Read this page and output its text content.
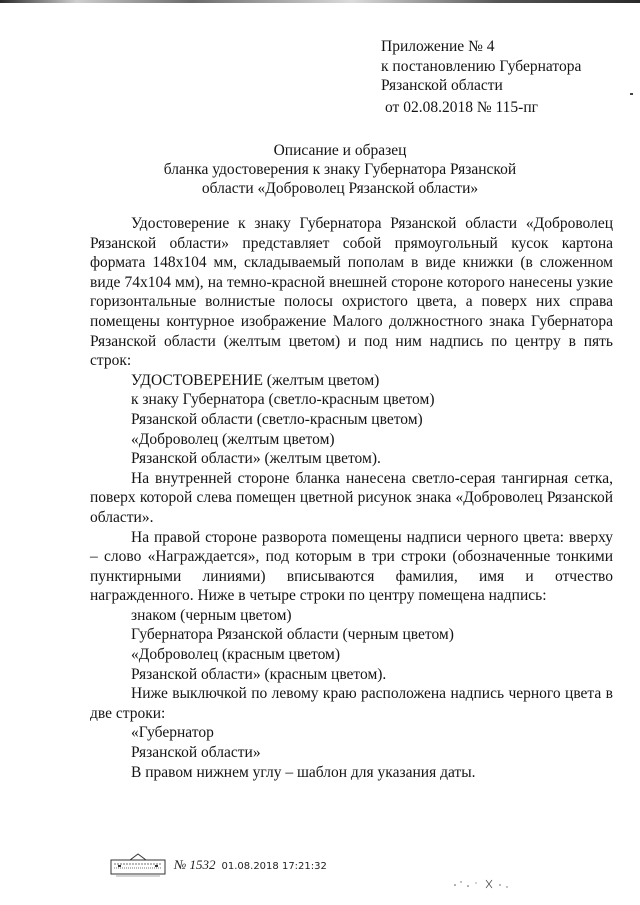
Приложение № 4
к постановлению Губернатора
Рязанской области
от 02.08.2018 № 115-пг
Описание и образец
бланка удостоверения к знаку Губернатора Рязанской
области «Доброволец Рязанской области»

Удостоверение к знаку Губернатора Рязанской области «Доброволец Рязанской области» представляет собой прямоугольный кусок картона формата 148х104 мм, складываемый пополам в виде книжки (в сложенном виде 74х104 мм), на темно-красной внешней стороне которого нанесены узкие горизонтальные волнистые полосы охристого цвета, а поверх них справа помещены контурное изображение Малого должностного знака Губернатора Рязанской области (желтым цветом) и под ним надпись по центру в пять строк:

УДОСТОВЕРЕНИЕ (желтым цветом)
к знаку Губернатора (светло-красным цветом)
Рязанской области (светло-красным цветом)
«Доброволец (желтым цветом)
Рязанской области» (желтым цветом).

На внутренней стороне бланка нанесена светло-серая тангирная сетка, поверх которой слева помещен цветной рисунок знака «Доброволец Рязанской области».

На правой стороне разворота помещены надписи черного цвета: вверху – слово «Награждается», под которым в три строки (обозначенные тонкими пунктирными линиями) вписываются фамилия, имя и отчество награжденного. Ниже в четыре строки по центру помещена надпись:

знаком (черным цветом)
Губернатора Рязанской области (черным цветом)
«Доброволец (красным цветом)
Рязанской области» (красным цветом).

Ниже выключкой по левому краю расположена надпись черного цвета в две строки:

«Губернатор
Рязанской области»

В правом нижнем углу – шаблон для указания даты.

№ 1532 01.08.2018 17:21:32
